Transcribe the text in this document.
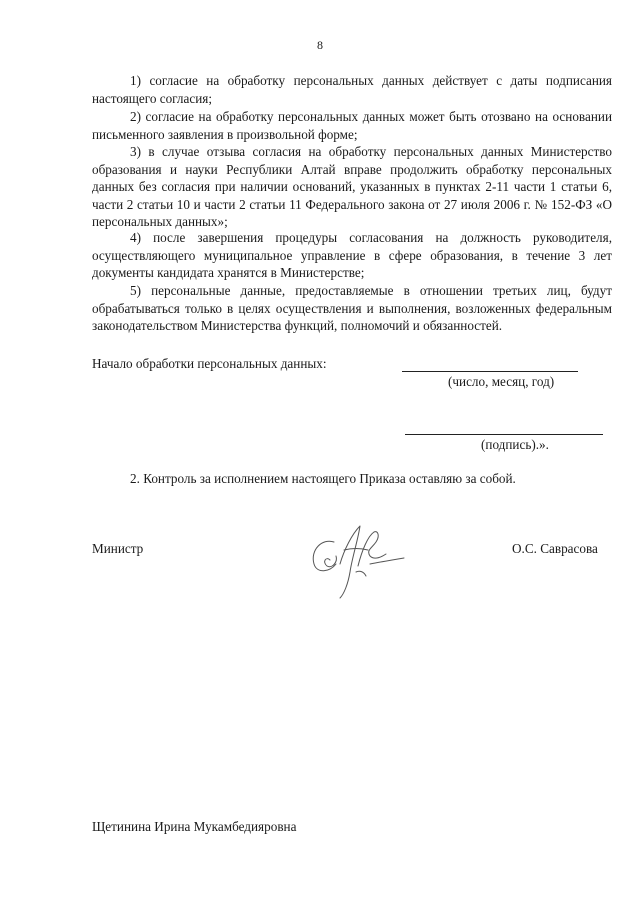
8

1) согласие на обработку персональных данных действует с даты подписания настоящего согласия;

2) согласие на обработку персональных данных может быть отозвано на основании письменного заявления в произвольной форме;

3) в случае отзыва согласия на обработку персональных данных Министерство образования и науки Республики Алтай вправе продолжить обработку персональных данных без согласия при наличии оснований, указанных в пунктах 2-11 части 1 статьи 6, части 2 статьи 10 и части 2 статьи 11 Федерального закона от 27 июля 2006 г. № 152-ФЗ «О персональных данных»;

4) после завершения процедуры согласования на должность руководителя, осуществляющего муниципальное управление в сфере образования, в течение 3 лет документы кандидата хранятся в Министерстве;

5) персональные данные, предоставляемые в отношении третьих лиц, будут обрабатываться только в целях осуществления и выполнения, возложенных федеральным законодательством Министерства функций, полномочий и обязанностей.

Начало обработки персональных данных:
(число, месяц, год)
(подпись).».
2. Контроль за исполнением настоящего Приказа оставляю за собой.
Министр	О.С. Саврасова
Щетинина Ирина Мукамбедияровна
